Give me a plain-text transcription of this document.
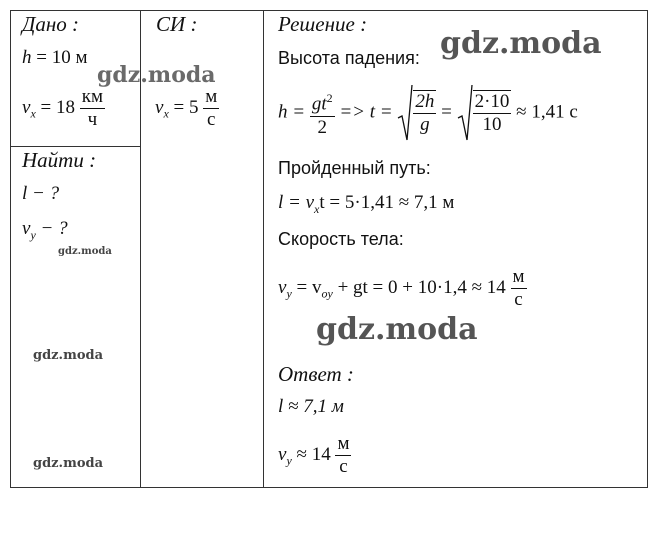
Дано :
h = 10 м
$v_x = 18 \frac{км}{ч}$
СИ :
$v_x = 5 \frac{м}{с}$
Найти :
l − ?
$v_y$ − ?
Решение :
Высота падения:
$h = \frac{gt^2}{2} => t = \frac{2h}{g} = \frac{2\cdot 10}{10} \approx 1,41$ с
Пройденный путь:
$l = v_xt = 5\cdot 1,41 \approx 7,1$ м
Скорость тела:
$v_y = v_{oy}$ + gt = $0 + 10\cdot 1,4 \approx 14 \frac{м}{с}$
Ответ :
l ≈ 7,1 м
$v_y \approx 14 \frac{м}{с}$
gdz.moda
gdz.moda
gdz.moda
gdz.moda
gdz.moda
gdz.moda
